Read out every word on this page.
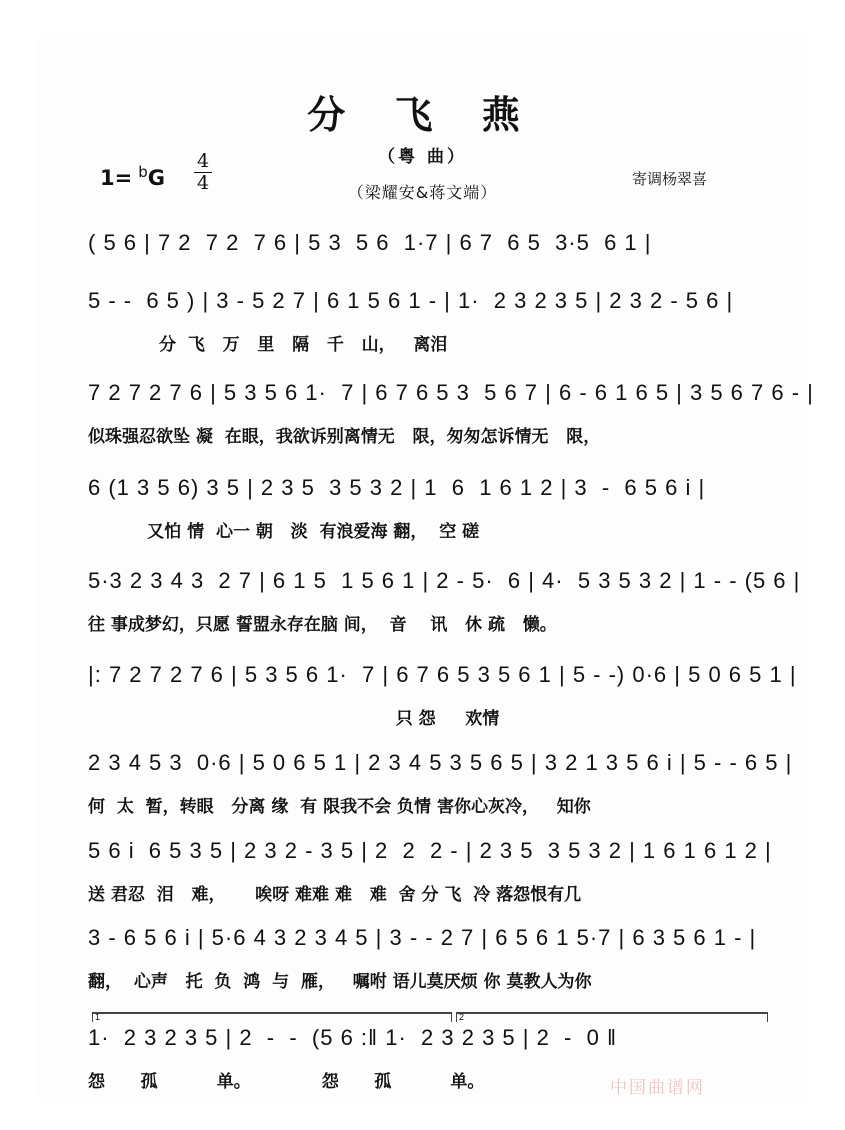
分 飞 燕
（粤 曲）
（梁耀安&蒋文端）
1= $^b$G
4
4	寄调杨翠喜
( 5 6 | 7 2  7 2  7 6 | 5 3  5 6  1·7 | 6 7  6 5  3·5  6 1 |
5 - -  6 5 ) | 3 - 5 2 7 | 6 1 5 6 1 - | 1·  2 3 2 3 5 | 2 3 2 - 5 6 |
分  飞   万   里   隔   千   山，   离泪
7 2 7 2 7 6 | 5 3 5 6 1·  7 | 6 7 6 5 3  5 6 7 | 6 - 6 1 6 5 | 3 5 6 7 6 - |
似珠强忍欲坠 凝  在眼，我欲诉别离情无   限，匆匆怎诉情无   限，
6 (1 3 5 6) 3 5 | 2 3 5  3 5 3 2 | 1  6  1 6 1 2 | 3  -  6 5 6 i |
又怕 情  心一 朝   淡  有浪爱海 翻，  空 磋
5·3 2 3 4 3  2 7 | 6 1 5  1 5 6 1 | 2 - 5·  6 | 4·  5 3 5 3 2 | 1 - - (5 6 |
往 事成梦幻，只愿 誓盟永存在脑 间，  音    讯   休 疏   懒。
|: 7 2 7 2 7 6 | 5 3 5 6 1·  7 | 6 7 6 5 3 5 6 1 | 5 - -) 0·6 | 5 0 6 5 1 |
只 怨     欢情
2 3 4 5 3  0·6 | 5 0 6 5 1 | 2 3 4 5 3 5 6 5 | 3 2 1 3 5 6 i | 5 - - 6 5 |
何  太  暂，转眼   分离 缘  有 限我不会 负情 害你心灰冷，   知你
5 6 i  6 5 3 5 | 2 3 2 - 3 5 | 2  2  2 - | 2 3 5  3 5 3 2 | 1 6 1 6 1 2 |
送 君忍  泪   难，     唉呀 难难 难   难  舍 分 飞  冷 落怨恨有几
3 - 6 5 6 i | 5·6 4 3 2 3 4 5 | 3 - - 2 7 | 6 5 6 1 5·7 | 6 3 5 6 1 - |
翻，  心声   托  负  鸿  与  雁，   嘱咐 语儿莫厌烦 你 莫教人为你
1·  2 3 2 3 5 | 2  -  -  (5 6 :‖ 1·  2 3 2 3 5 | 2  -  0 ‖
怨      孤          单。            怨      孤          单。
1	2
中国曲谱网
